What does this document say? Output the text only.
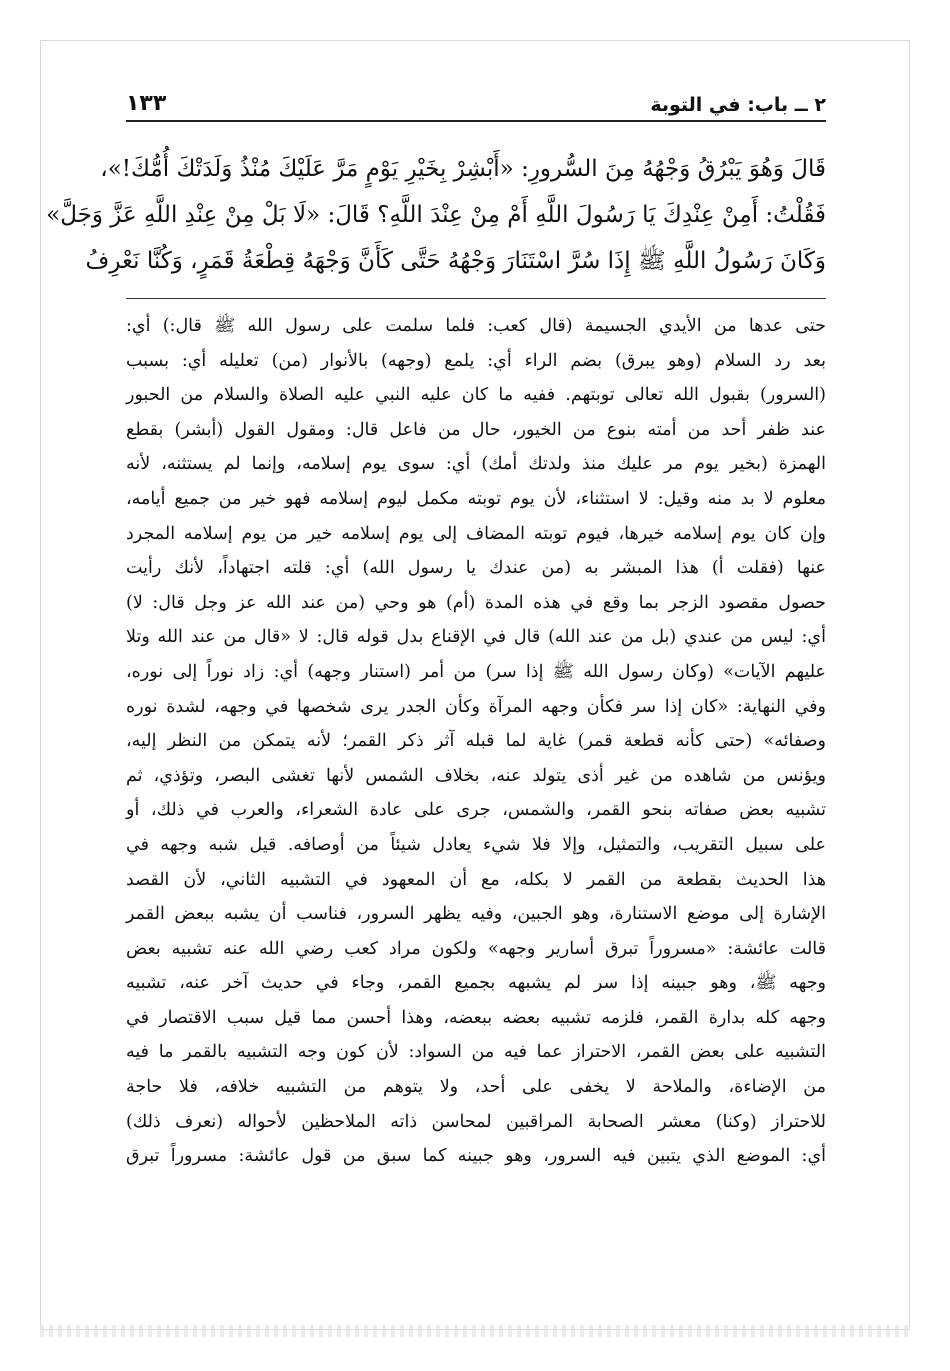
٢ ــ باب: في التوبة
١٣٣
قَالَ وَهُوَ يَبْرُقُ وَجْهُهُ مِنَ السُّرورِ: «أَبْشِرْ بِخَيْرِ يَوْمٍ مَرَّ عَلَيْكَ مُنْذُ وَلَدَتْكَ أُمُّكَ!»،
فَقُلْتُ: أَمِنْ عِنْدِكَ يَا رَسُولَ اللَّهِ أَمْ مِنْ عِنْدَ اللَّهِ؟ قَالَ: «لَا بَلْ مِنْ عِنْدِ اللَّهِ عَزَّ وَجَلَّ»
وَكَانَ رَسُولُ اللَّهِ ﷺ إِذَا سُرَّ اسْتَنَارَ وَجْهُهُ حَتَّى كَأَنَّ وَجْهَهُ قِطْعَةُ قَمَرٍ، وَكُنَّا نَعْرِفُ
حتى عدها من الأيدي الجسيمة (قال كعب: فلما سلمت على رسول الله ﷺ قال:) أي:
بعد رد السلام (وهو يبرق) بضم الراء أي: يلمع (وجهه) بالأنوار (من) تعليله أي: بسبب
(السرور) بقبول الله تعالى توبتهم. ففيه ما كان عليه النبي عليه الصلاة والسلام من الحبور
عند ظفر أحد من أمته بنوع من الخيور، حال من فاعل قال: ومقول القول (أبشر) بقطع
الهمزة (بخير يوم مر عليك منذ ولدتك أمك) أي: سوى يوم إسلامه، وإنما لم يستثنه، لأنه
معلوم لا بد منه وقيل: لا استثناء، لأن يوم توبته مكمل ليوم إسلامه فهو خير من جميع أيامه،
وإن كان يوم إسلامه خيرها، فيوم توبته المضاف إلى يوم إسلامه خير من يوم إسلامه المجرد
عنها (فقلت أ) هذا المبشر به (من عندك يا رسول الله) أي: قلته اجتهاداً، لأنك رأيت
حصول مقصود الزجر بما وقع في هذه المدة (أم) هو وحي (من عند الله عز وجل قال: لا)
أي: ليس من عندي (بل من عند الله) قال في الإقناع بدل قوله قال: لا «قال من عند الله وتلا
عليهم الآيات» (وكان رسول الله ﷺ إذا سر) من أمر (استنار وجهه) أي: زاد نوراً إلى نوره،
وفي النهاية: «كان إذا سر فكأن وجهه المرآة وكأن الجدر يرى شخصها في وجهه، لشدة نوره
وصفائه» (حتى كأنه قطعة قمر) غاية لما قبله آثر ذكر القمر؛ لأنه يتمكن من النظر إليه،
ويؤنس من شاهده من غير أذى يتولد عنه، بخلاف الشمس لأنها تغشى البصر، وتؤذي، ثم
تشبيه بعض صفاته بنحو القمر، والشمس، جرى على عادة الشعراء، والعرب في ذلك، أو
على سبيل التقريب، والتمثيل، وإلا فلا شيء يعادل شيئاً من أوصافه. قيل شبه وجهه في
هذا الحديث بقطعة من القمر لا بكله، مع أن المعهود في التشبيه الثاني، لأن القصد
الإشارة إلى موضع الاستنارة، وهو الجبين، وفيه يظهر السرور، فناسب أن يشبه ببعض القمر
قالت عائشة: «مسروراً تبرق أسارير وجهه» ولكون مراد كعب رضي الله عنه تشبيه بعض
وجهه ﷺ، وهو جبينه إذا سر لم يشبهه بجميع القمر، وجاء في حديث آخر عنه، تشبيه
وجهه كله بدارة القمر، فلزمه تشبيه بعضه ببعضه، وهذا أحسن مما قيل سبب الاقتصار في
التشبيه على بعض القمر، الاحتراز عما فيه من السواد: لأن كون وجه التشبيه بالقمر ما فيه
من الإضاءة، والملاحة لا يخفى على أحد، ولا يتوهم من التشبيه خلافه، فلا حاجة
للاحتراز (وكنا) معشر الصحابة المراقبين لمحاسن ذاته الملاحظين لأحواله (نعرف ذلك)
أي: الموضع الذي يتبين فيه السرور، وهو جبينه كما سبق من قول عائشة: مسروراً تبرق
